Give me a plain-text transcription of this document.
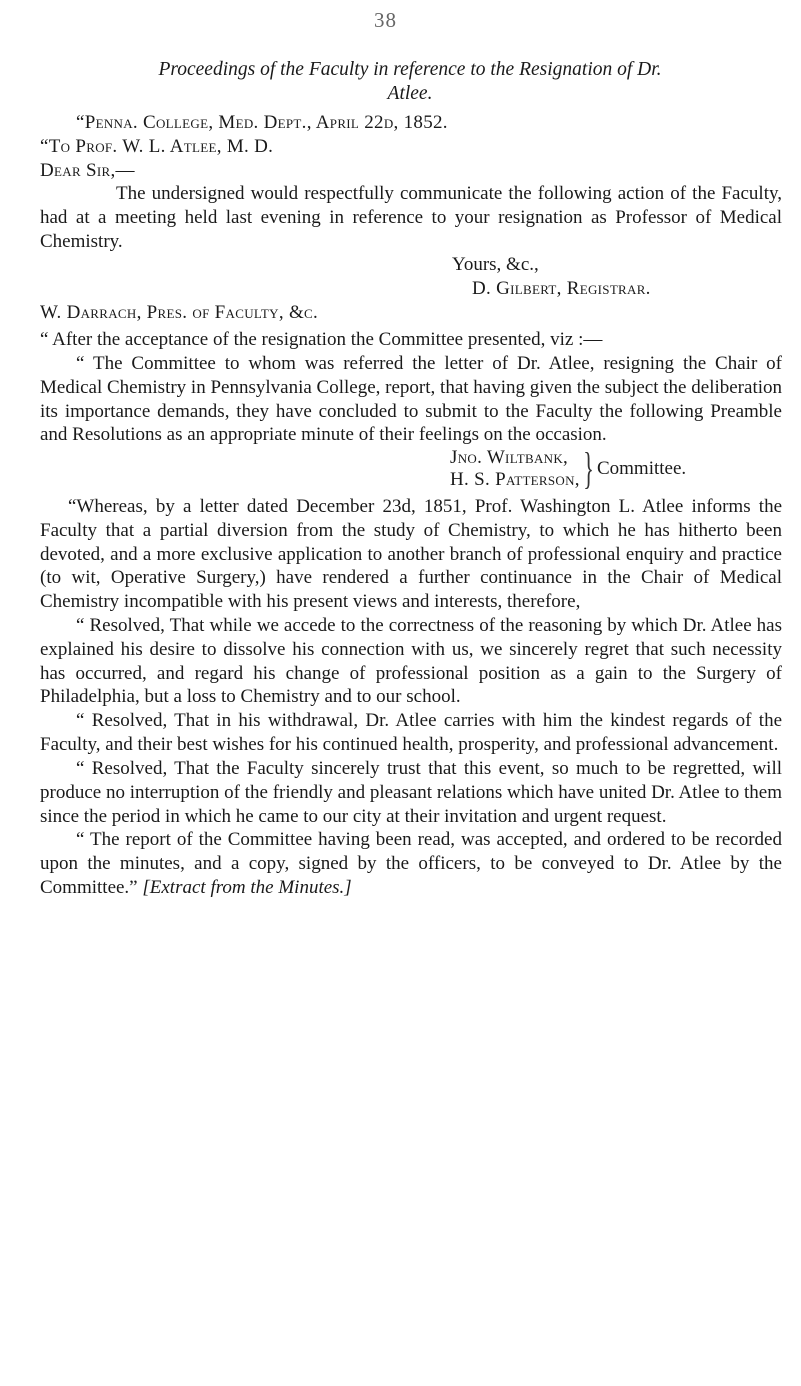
38
Proceedings of the Faculty in reference to the Resignation of Dr.
Atlee.

“Penna. College, Med. Dept., April 22d, 1852.

“To Prof. W. L. Atlee, M. D.

Dear Sir,—

The undersigned would respectfully communicate the following action of the Faculty, had at a meeting held last evening in reference to your resignation as Professor of Medical Chemistry.

Yours, &c.,

D. Gilbert, Registrar.

W. Darrach, Pres. of Faculty, &c.

“ After the acceptance of the resignation the Committee presented, viz :—

“ The Committee to whom was referred the letter of Dr. Atlee, resigning the Chair of Medical Chemistry in Pennsylvania College, report, that having given the subject the deliberation its importance demands, they have concluded to submit to the Faculty the following Preamble and Resolutions as an appropriate minute of their feelings on the occasion.

Jno. Wiltbank,
H. S. Patterson, } Committee.

“Whereas, by a letter dated December 23d, 1851, Prof. Washington L. Atlee informs the Faculty that a partial diversion from the study of Chemistry, to which he has hitherto been devoted, and a more exclusive application to another branch of professional enquiry and practice (to wit, Operative Surgery,) have rendered a further continuance in the Chair of Medical Chemistry incompatible with his present views and interests, therefore,

“ Resolved, That while we accede to the correctness of the reasoning by which Dr. Atlee has explained his desire to dissolve his connection with us, we sincerely regret that such necessity has occurred, and regard his change of professional position as a gain to the Surgery of Philadelphia, but a loss to Chemistry and to our school.

“ Resolved, That in his withdrawal, Dr. Atlee carries with him the kindest regards of the Faculty, and their best wishes for his continued health, prosperity, and professional advancement.

“ Resolved, That the Faculty sincerely trust that this event, so much to be regretted, will produce no interruption of the friendly and pleasant relations which have united Dr. Atlee to them since the period in which he came to our city at their invitation and urgent request.

“ The report of the Committee having been read, was accepted, and ordered to be recorded upon the minutes, and a copy, signed by the officers, to be conveyed to Dr. Atlee by the Committee.” [Extract from the Minutes.]
